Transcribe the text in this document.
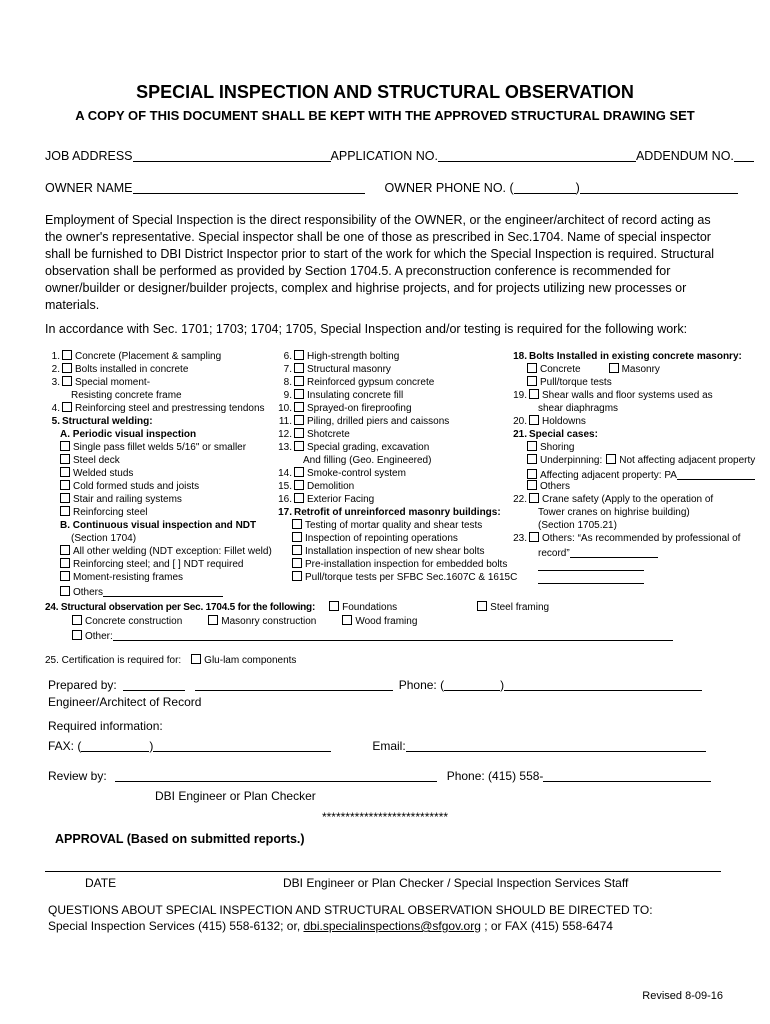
SPECIAL INSPECTION AND STRUCTURAL OBSERVATION
A COPY OF THIS DOCUMENT SHALL BE KEPT WITH THE APPROVED STRUCTURAL DRAWING SET
JOB ADDRESS	APPLICATION NO.	ADDENDUM NO.
OWNER NAME	OWNER PHONE NO. (	)
Employment of Special Inspection is the direct responsibility of the OWNER, or the engineer/architect of record acting as the owner's representative. Special inspector shall be one of those as prescribed in Sec.1704. Name of special inspector shall be furnished to DBI District Inspector prior to start of the work for which the Special Inspection is required. Structural observation shall be performed as provided by Section 1704.5. A preconstruction conference is recommended for owner/builder or designer/builder projects, complex and highrise projects, and for projects utilizing new processes or materials.
In accordance with Sec. 1701; 1703; 1704; 1705, Special Inspection and/or testing is required for the following work:
1. Concrete (Placement & sampling
2. Bolts installed in concrete
3. Special moment-
Resisting concrete frame
4. Reinforcing steel and prestressing tendons
5. Structural welding:
A. Periodic visual inspection
Single pass fillet welds 5/16" or smaller
Steel deck
Welded studs
Cold formed studs and joists
Stair and railing systems
Reinforcing steel
B. Continuous visual inspection and NDT
(Section 1704)
All other welding (NDT exception: Fillet weld)
Reinforcing steel; and [ ] NDT required
Moment-resisting frames
Others
6. High-strength bolting
7. Structural masonry
8. Reinforced gypsum concrete
9. Insulating concrete fill
10. Sprayed-on fireproofing
11. Piling, drilled piers and caissons
12. Shotcrete
13. Special grading, excavation
And filling (Geo. Engineered)
14. Smoke-control system
15. Demolition
16. Exterior Facing
17. Retrofit of unreinforced masonry buildings:
Testing of mortar quality and shear tests
Inspection of repointing operations
Installation inspection of new shear bolts
Pre-installation inspection for embedded bolts
Pull/torque tests per SFBC Sec.1607C & 1615C
18. Bolts Installed in existing concrete masonry:
Concrete	Masonry
Pull/torque tests
19. Shear walls and floor systems used as
shear diaphragms
20. Holdowns
21. Special cases:
Shoring
Underpinning: Not affecting adjacent property
Affecting adjacent property: PA
Others
22. Crane safety (Apply to the operation of
Tower cranes on highrise building)
(Section 1705.21)
23. Others: “As recommended by professional of
record”
24. Structural observation per Sec. 1704.5 for the following:	Foundations	Steel framing
Concrete construction	Masonry construction	Wood framing
Other:
25. Certification is required for: Glu-lam components
Prepared by:	Phone: (	)
Engineer/Architect of Record
Required information:
FAX: (	)	Email:
Review by:	Phone: (415) 558-
DBI Engineer or Plan Checker
***************************
APPROVAL (Based on submitted reports.)
DATE	DBI Engineer or Plan Checker / Special Inspection Services Staff
QUESTIONS ABOUT SPECIAL INSPECTION AND STRUCTURAL OBSERVATION SHOULD BE DIRECTED TO:
Special Inspection Services (415) 558-6132; or, dbi.specialinspections@sfgov.org ; or FAX (415) 558-6474
Revised 8-09-16
